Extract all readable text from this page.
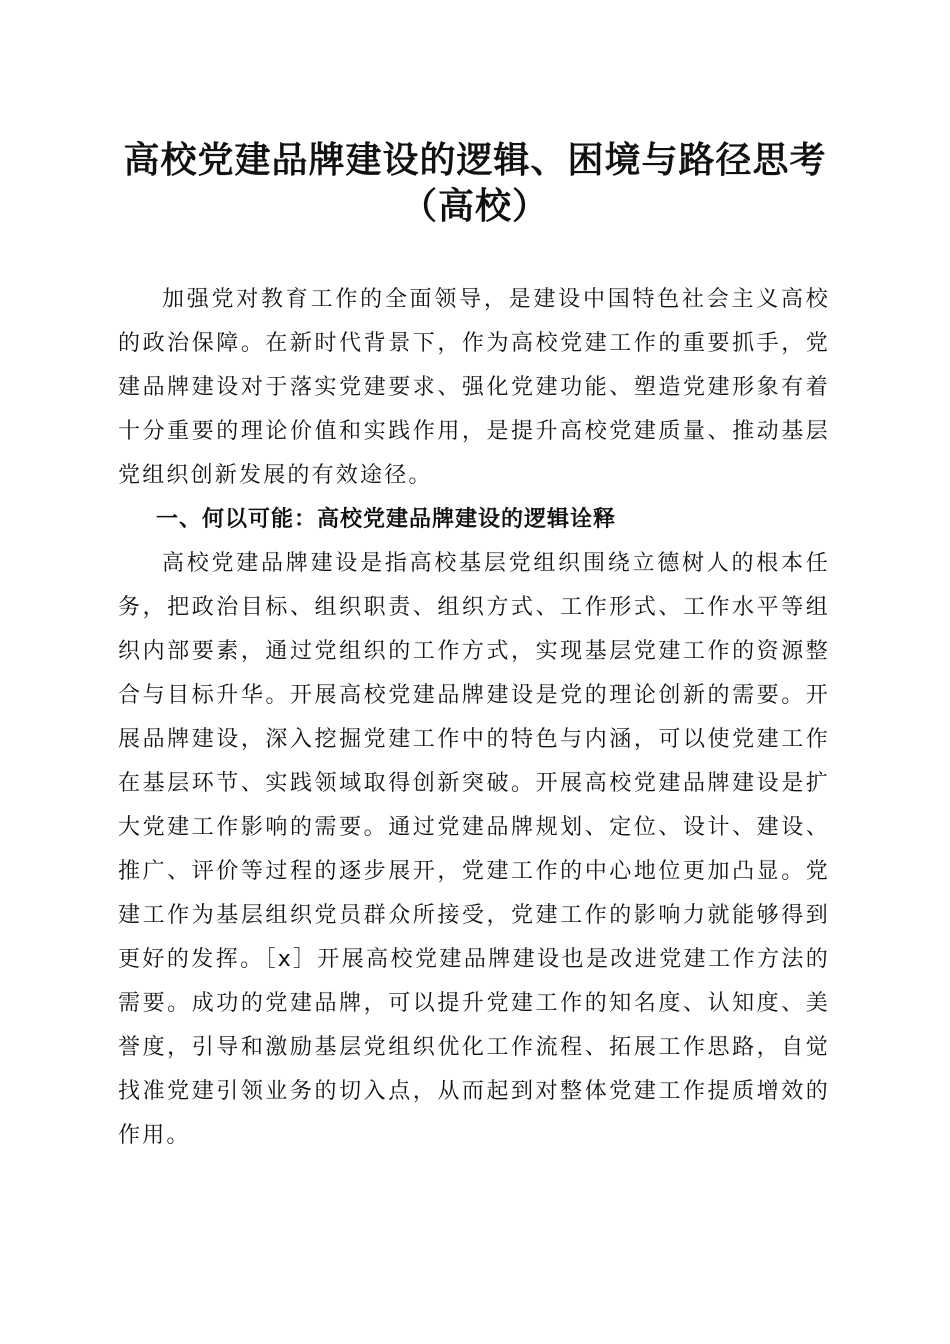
高校党建品牌建设的逻辑、困境与路径思考
（高校）

加强党对教育工作的全面领导，是建设中国特色社会主义高校的政治保障。在新时代背景下，作为高校党建工作的重要抓手，党建品牌建设对于落实党建要求、强化党建功能、塑造党建形象有着十分重要的理论价值和实践作用，是提升高校党建质量、推动基层党组织创新发展的有效途径。

一、何以可能：高校党建品牌建设的逻辑诠释

高校党建品牌建设是指高校基层党组织围绕立德树人的根本任务，把政治目标、组织职责、组织方式、工作形式、工作水平等组织内部要素，通过党组织的工作方式，实现基层党建工作的资源整合与目标升华。开展高校党建品牌建设是党的理论创新的需要。开展品牌建设，深入挖掘党建工作中的特色与内涵，可以使党建工作在基层环节、实践领域取得创新突破。开展高校党建品牌建设是扩大党建工作影响的需要。通过党建品牌规划、定位、设计、建设、推广、评价等过程的逐步展开，党建工作的中心地位更加凸显。党建工作为基层组织党员群众所接受，党建工作的影响力就能够得到更好的发挥。［x］开展高校党建品牌建设也是改进党建工作方法的需要。成功的党建品牌，可以提升党建工作的知名度、认知度、美誉度，引导和激励基层党组织优化工作流程、拓展工作思路，自觉找准党建引领业务的切入点，从而起到对整体党建工作提质增效的作用。
